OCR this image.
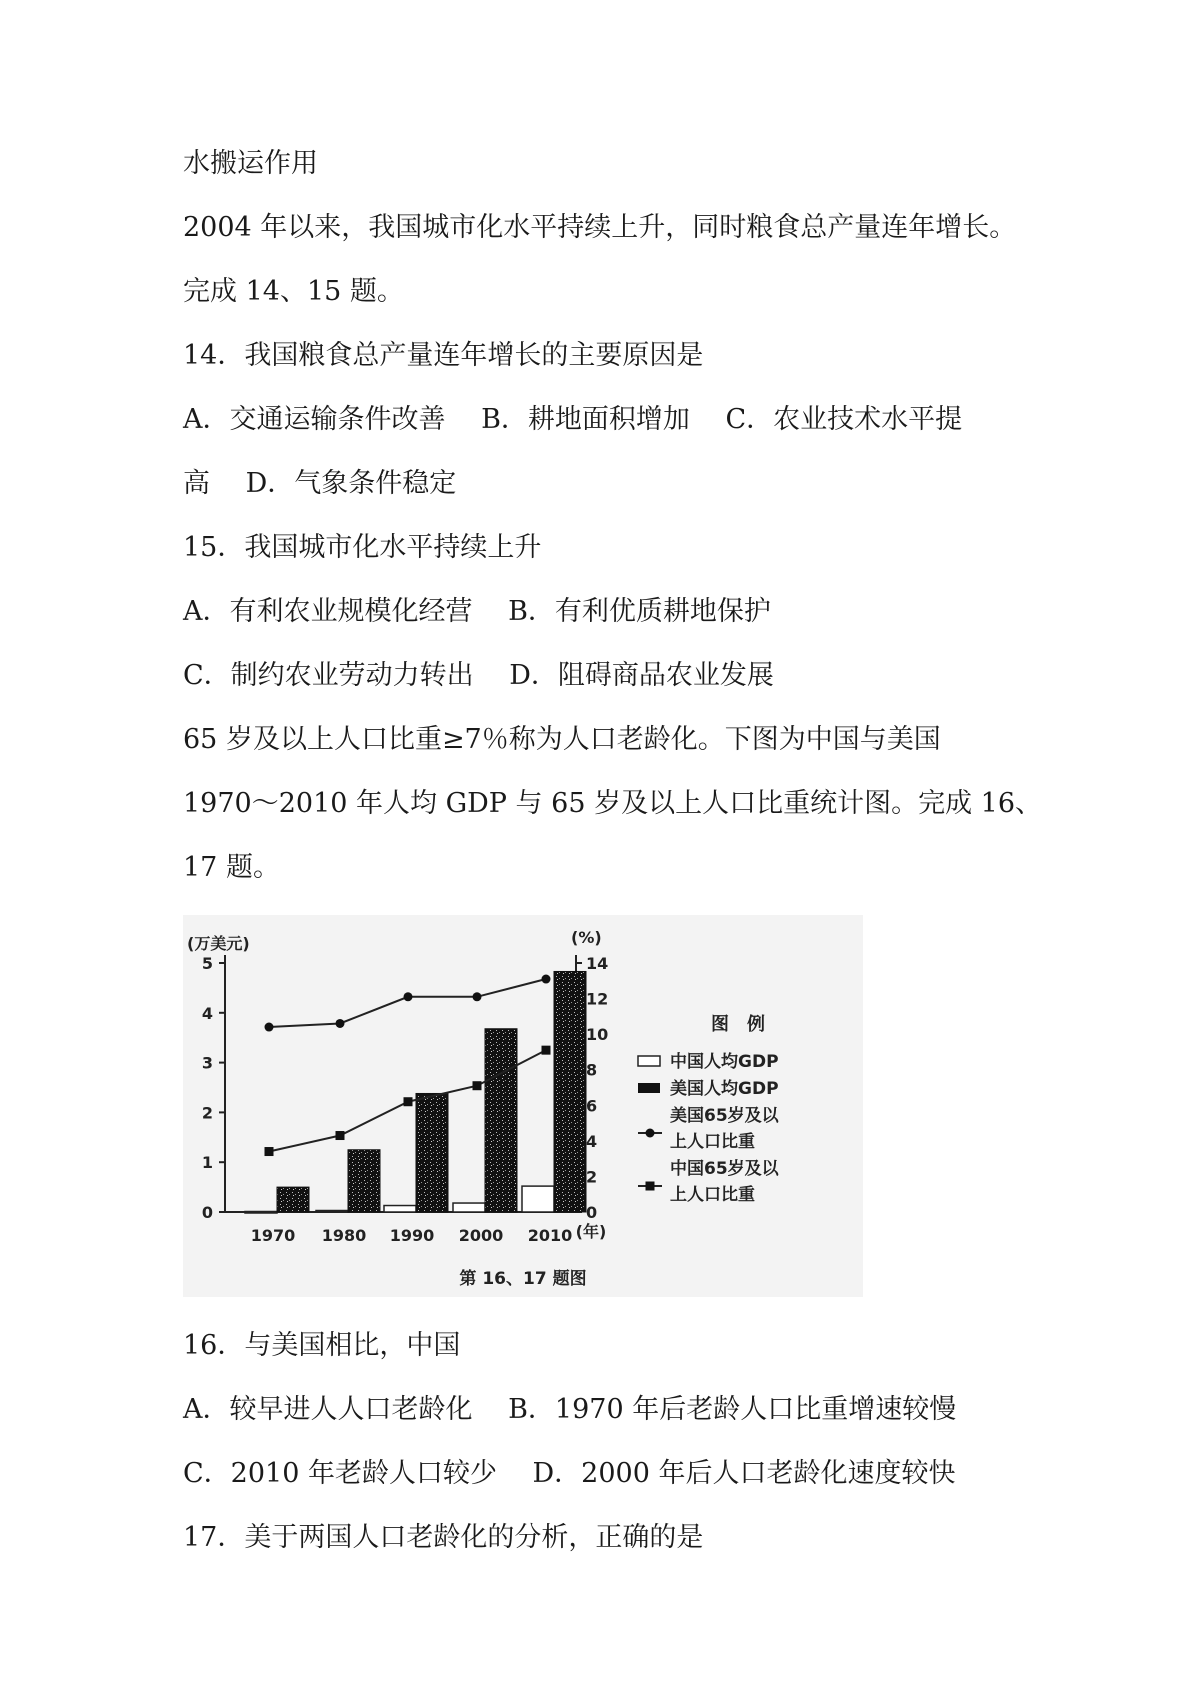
水搬运作用
2004 年以来，我国城市化水平持续上升，同时粮食总产量连年增长。
完成 14、15 题。
14．我国粮食总产量连年增长的主要原因是
A．交通运输条件改善　 B．耕地面积增加　 C．农业技术水平提
高　 D．气象条件稳定
15．我国城市化水平持续上升
A．有利农业规模化经营　 B．有利优质耕地保护
C．制约农业劳动力转出　 D．阻碍商品农业发展
65 岁及以上人口比重≥7％称为人口老龄化。下图为中国与美国
1970～2010 年人均 GDP 与 65 岁及以上人口比重统计图。完成 16、
17 题。
16．与美国相比，中国
A．较早进人人口老龄化　 B．1970 年后老龄人口比重增速较慢
C．2010 年老龄人口较少　 D．2000 年后人口老龄化速度较快
17．美于两国人口老龄化的分析，正确的是
0
1
2
3
4
5
0
2
4
6
8
10
12
14
(万美元)	(%)
1970 1980 1990 2000 2010 (年)
图　例
中国人均GDP
美国人均GDP
美国65岁及以
上人口比重
中国65岁及以
上人口比重
第 16、17 题图
